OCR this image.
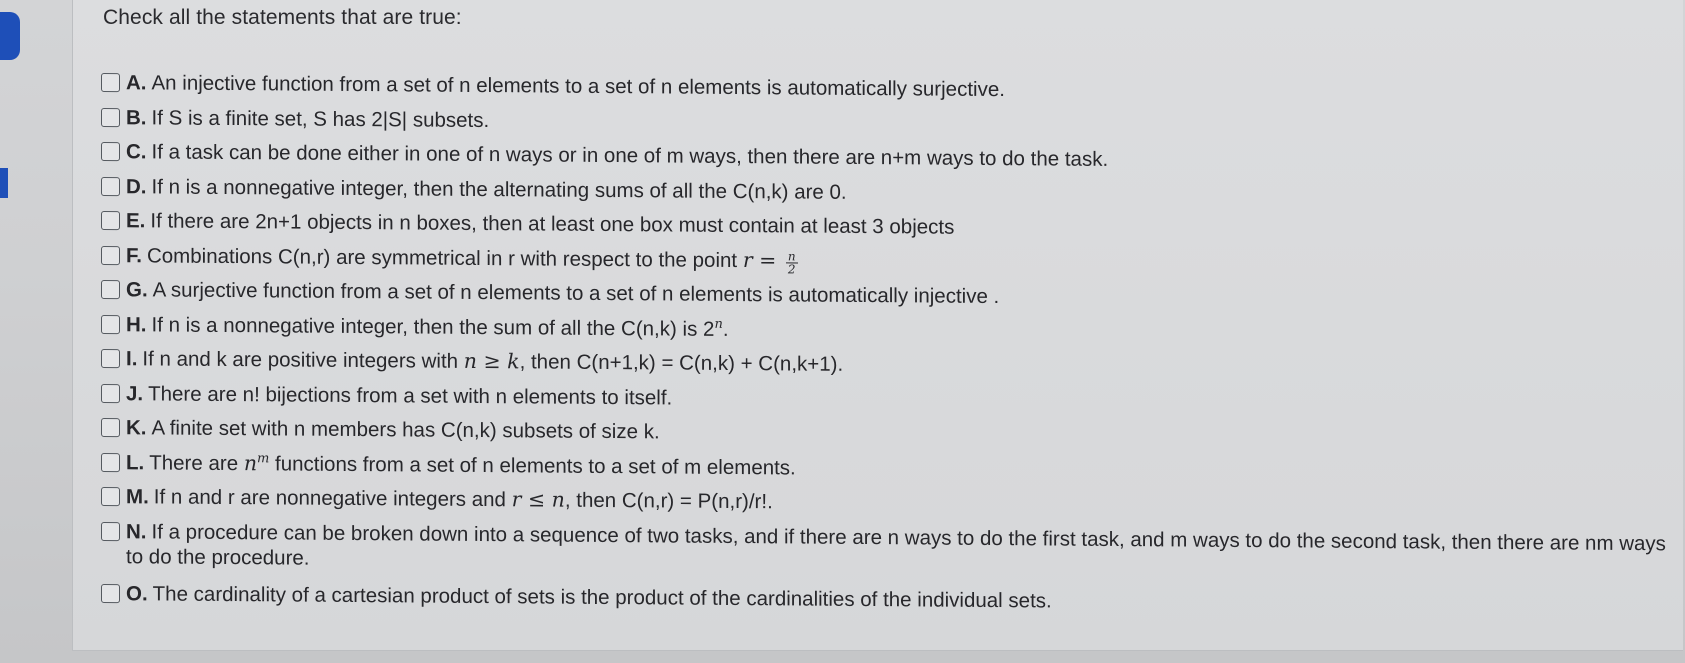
Check all the statements that are true:
A. An injective function from a set of n elements to a set of n elements is automatically surjective.
B. If S is a finite set, S has 2|S| subsets.
C. If a task can be done either in one of n ways or in one of m ways, then there are n+m ways to do the task.
D. If n is a nonnegative integer, then the alternating sums of all the C(n,k) are 0.
E. If there are 2n+1 objects in n boxes, then at least one box must contain at least 3 objects
F. Combinations C(n,r) are symmetrical in r with respect to the point $r = \frac{n}{2}$
G. A surjective function from a set of n elements to a set of n elements is automatically injective .
H. If n is a nonnegative integer, then the sum of all the C(n,k) is 2$^n$.
I. If n and k are positive integers with n ≥ k, then C(n+1,k) = C(n,k) + C(n,k+1).
J. There are n! bijections from a set with n elements to itself.
K. A finite set with n members has C(n,k) subsets of size k.
L. There are $n^m$ functions from a set of n elements to a set of m elements.
M. If n and r are nonnegative integers and r ≤ n, then C(n,r) = P(n,r)/r!.
N. If a procedure can be broken down into a sequence of two tasks, and if there are n ways to do the first task, and m ways to do the second task, then there are nm ways to do the procedure.
O. The cardinality of a cartesian product of sets is the product of the cardinalities of the individual sets.
